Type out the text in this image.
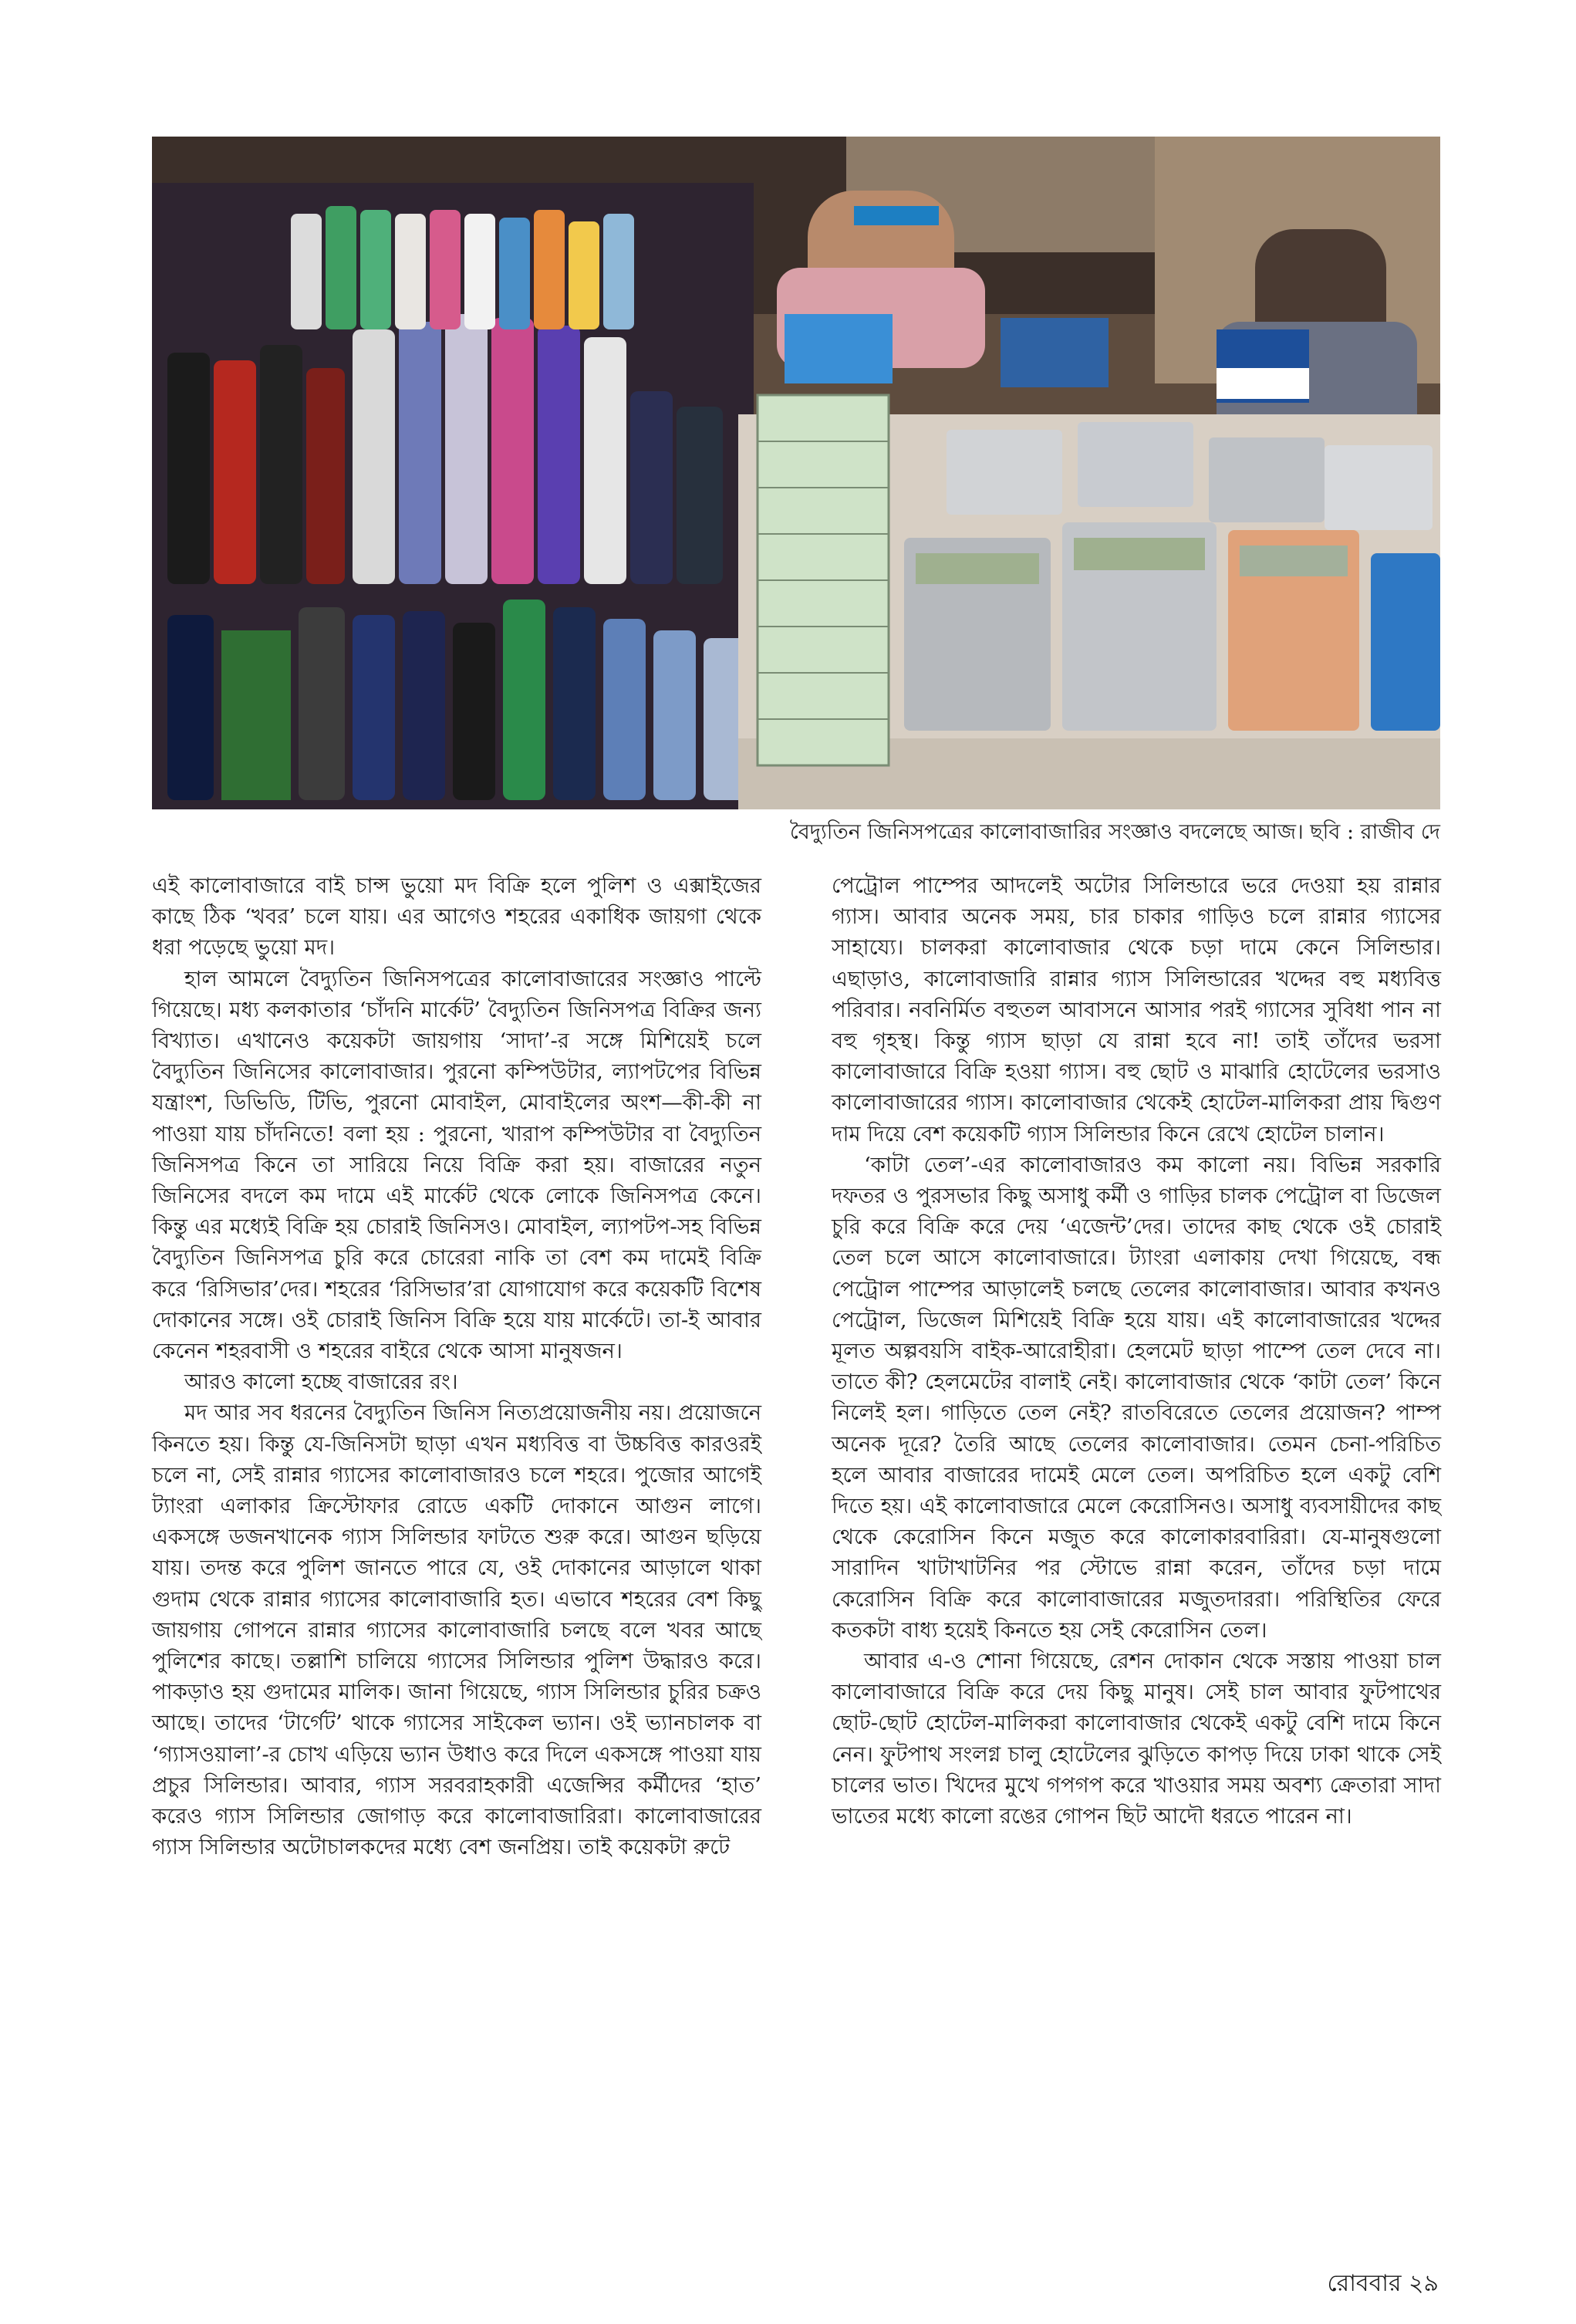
বৈদ্যুতিন জিনিসপত্রের কালোবাজারির সংজ্ঞাও বদলেছে আজ। ছবি : রাজীব দে

এই কালোবাজারে বাই চান্স ভুয়ো মদ বিক্রি হলে পুলিশ ও এক্সাইজের কাছে ঠিক ‘খবর’ চলে যায়। এর আগেও শহরের একাধিক জায়গা থেকে ধরা পড়েছে ভুয়ো মদ।

হাল আমলে বৈদ্যুতিন জিনিসপত্রের কালোবাজারের সংজ্ঞাও পাল্টে গিয়েছে। মধ্য কলকাতার ‘চাঁদনি মার্কেট’ বৈদ্যুতিন জিনিসপত্র বিক্রির জন্য বিখ্যাত। এখানেও কয়েকটা জায়গায় ‘সাদা’-র সঙ্গে মিশিয়েই চলে বৈদ্যুতিন জিনিসের কালোবাজার। পুরনো কম্পিউটার, ল্যাপটপের বিভিন্ন যন্ত্রাংশ, ডিভিডি, টিভি, পুরনো মোবাইল, মোবাইলের অংশ—কী-কী না পাওয়া যায় চাঁদনিতে! বলা হয় : পুরনো, খারাপ কম্পিউটার বা বৈদ্যুতিন জিনিসপত্র কিনে তা সারিয়ে নিয়ে বিক্রি করা হয়। বাজারের নতুন জিনিসের বদলে কম দামে এই মার্কেট থেকে লোকে জিনিসপত্র কেনে। কিন্তু এর মধ্যেই বিক্রি হয় চোরাই জিনিসও। মোবাইল, ল্যাপটপ-সহ বিভিন্ন বৈদ্যুতিন জিনিসপত্র চুরি করে চোরেরা নাকি তা বেশ কম দামেই বিক্রি করে ‘রিসিভার’দের। শহরের ‘রিসিভার’রা যোগাযোগ করে কয়েকটি বিশেষ দোকানের সঙ্গে। ওই চোরাই জিনিস বিক্রি হয়ে যায় মার্কেটে। তা-ই আবার কেনেন শহরবাসী ও শহরের বাইরে থেকে আসা মানুষজন।

আরও কালো হচ্ছে বাজারের রং।

মদ আর সব ধরনের বৈদ্যুতিন জিনিস নিত্যপ্রয়োজনীয় নয়। প্রয়োজনে কিনতে হয়। কিন্তু যে-জিনিসটা ছাড়া এখন মধ্যবিত্ত বা উচ্চবিত্ত কারওরই চলে না, সেই রান্নার গ্যাসের কালোবাজারও চলে শহরে। পুজোর আগেই ট্যাংরা এলাকার ক্রিস্টোফার রোডে একটি দোকানে আগুন লাগে। একসঙ্গে ডজনখানেক গ্যাস সিলিন্ডার ফাটতে শুরু করে। আগুন ছড়িয়ে যায়। তদন্ত করে পুলিশ জানতে পারে যে, ওই দোকানের আড়ালে থাকা গুদাম থেকে রান্নার গ্যাসের কালোবাজারি হত। এভাবে শহরের বেশ কিছু জায়গায় গোপনে রান্নার গ্যাসের কালোবাজারি চলছে বলে খবর আছে পুলিশের কাছে। তল্লাশি চালিয়ে গ্যাসের সিলিন্ডার পুলিশ উদ্ধারও করে। পাকড়াও হয় গুদামের মালিক। জানা গিয়েছে, গ্যাস সিলিন্ডার চুরির চক্রও আছে। তাদের ‘টার্গেট’ থাকে গ্যাসের সাইকেল ভ্যান। ওই ভ্যানচালক বা ‘গ্যাসওয়ালা’-র চোখ এড়িয়ে ভ্যান উধাও করে দিলে একসঙ্গে পাওয়া যায় প্রচুর সিলিন্ডার। আবার, গ্যাস সরবরাহকারী এজেন্সির কর্মীদের ‘হাত’ করেও গ্যাস সিলিন্ডার জোগাড় করে কালোবাজারিরা। কালোবাজারের গ্যাস সিলিন্ডার অটোচালকদের মধ্যে বেশ জনপ্রিয়। তাই কয়েকটা রুটে

পেট্রোল পাম্পের আদলেই অটোর সিলিন্ডারে ভরে দেওয়া হয় রান্নার গ্যাস। আবার অনেক সময়, চার চাকার গাড়িও চলে রান্নার গ্যাসের সাহায্যে। চালকরা কালোবাজার থেকে চড়া দামে কেনে সিলিন্ডার। এছাড়াও, কালোবাজারি রান্নার গ্যাস সিলিন্ডারের খদ্দের বহু মধ্যবিত্ত পরিবার। নবনির্মিত বহুতল আবাসনে আসার পরই গ্যাসের সুবিধা পান না বহু গৃহস্থ। কিন্তু গ্যাস ছাড়া যে রান্না হবে না! তাই তাঁদের ভরসা কালোবাজারে বিক্রি হওয়া গ্যাস। বহু ছোট ও মাঝারি হোটেলের ভরসাও কালোবাজারের গ্যাস। কালোবাজার থেকেই হোটেল-মালিকরা প্রায় দ্বিগুণ দাম দিয়ে বেশ কয়েকটি গ্যাস সিলিন্ডার কিনে রেখে হোটেল চালান।

‘কাটা তেল’-এর কালোবাজারও কম কালো নয়। বিভিন্ন সরকারি দফতর ও পুরসভার কিছু অসাধু কর্মী ও গাড়ির চালক পেট্রোল বা ডিজেল চুরি করে বিক্রি করে দেয় ‘এজেন্ট’দের। তাদের কাছ থেকে ওই চোরাই তেল চলে আসে কালোবাজারে। ট্যাংরা এলাকায় দেখা গিয়েছে, বন্ধ পেট্রোল পাম্পের আড়ালেই চলছে তেলের কালোবাজার। আবার কখনও পেট্রোল, ডিজেল মিশিয়েই বিক্রি হয়ে যায়। এই কালোবাজারের খদ্দের মূলত অল্পবয়সি বাইক-আরোহীরা। হেলমেট ছাড়া পাম্পে তেল দেবে না। তাতে কী? হেলমেটের বালাই নেই। কালোবাজার থেকে ‘কাটা তেল’ কিনে নিলেই হল। গাড়িতে তেল নেই? রাতবিরেতে তেলের প্রয়োজন? পাম্প অনেক দূরে? তৈরি আছে তেলের কালোবাজার। তেমন চেনা-পরিচিত হলে আবার বাজারের দামেই মেলে তেল। অপরিচিত হলে একটু বেশি দিতে হয়। এই কালোবাজারে মেলে কেরোসিনও। অসাধু ব্যবসায়ীদের কাছ থেকে কেরোসিন কিনে মজুত করে কালোকারবারিরা। যে-মানুষগুলো সারাদিন খাটাখাটনির পর স্টোভে রান্না করেন, তাঁদের চড়া দামে কেরোসিন বিক্রি করে কালোবাজারের মজুতদাররা। পরিস্থিতির ফেরে কতকটা বাধ্য হয়েই কিনতে হয় সেই কেরোসিন তেল।

আবার এ-ও শোনা গিয়েছে, রেশন দোকান থেকে সস্তায় পাওয়া চাল কালোবাজারে বিক্রি করে দেয় কিছু মানুষ। সেই চাল আবার ফুটপাথের ছোট-ছোট হোটেল-মালিকরা কালোবাজার থেকেই একটু বেশি দামে কিনে নেন। ফুটপাথ সংলগ্ন চালু হোটেলের ঝুড়িতে কাপড় দিয়ে ঢাকা থাকে সেই চালের ভাত। খিদের মুখে গপগপ করে খাওয়ার সময় অবশ্য ক্রেতারা সাদা ভাতের মধ্যে কালো রঙের গোপন ছিট আদৌ ধরতে পারেন না।

রোববার ২৯
